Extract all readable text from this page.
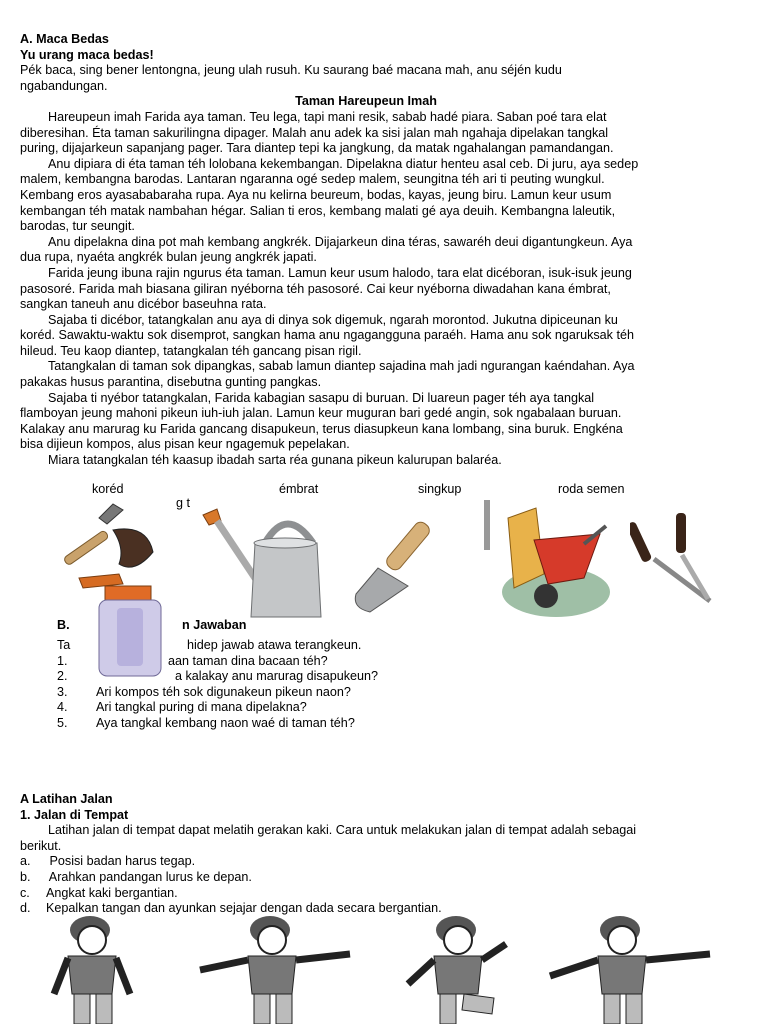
A. Maca Bedas

Yu urang maca bedas!

Pék baca, sing bener lentongna, jeung ulah rusuh. Ku saurang baé macana mah, anu séjén kudu

ngabandungan.

Taman Hareupeun Imah

Hareupeun imah Farida aya taman. Teu lega, tapi mani resik, sabab hadé piara. Saban poé tara elat

diberesihan. Éta taman sakurilingna dipager. Malah anu adek ka sisi jalan mah ngahaja dipelakan tangkal

puring, dijajarkeun sapanjang pager. Tara diantep tepi ka jangkung, da matak ngahalangan pamandangan.

Anu dipiara di éta taman téh lolobana kekembangan. Dipelakna diatur henteu asal ceb. Di juru, aya sedep

malem, kembangna barodas. Lantaran ngaranna ogé sedep malem, seungitna téh ari ti peuting wungkul.

Kembang eros ayasababaraha rupa. Aya nu kelirna beureum, bodas, kayas, jeung biru. Lamun keur usum

kembangan téh matak nambahan hégar. Salian ti eros, kembang malati gé aya deuih. Kembangna laleutik,

barodas, tur seungit.

Anu dipelakna dina pot mah kembang angkrék. Dijajarkeun dina téras, sawaréh deui digantungkeun. Aya

dua rupa, nyaéta angkrék bulan jeung angkrék japati.

Farida jeung ibuna rajin ngurus éta taman. Lamun keur usum halodo, tara elat dicéboran, isuk-isuk jeung

pasosoré. Farida mah biasana giliran nyéborna téh pasosoré. Cai keur nyéborna diwadahan kana émbrat,

sangkan taneuh anu dicébor baseuhna rata.

Sajaba ti dicébor, tatangkalan anu aya di dinya sok digemuk, ngarah morontod. Jukutna dipiceunan ku

koréd. Sawaktu-waktu sok disemprot, sangkan hama anu ngagangguna paraéh. Hama anu sok ngaruksak téh

hileud. Teu kaop diantep, tatangkalan téh gancang pisan rigil.

Tatangkalan di taman sok dipangkas, sabab lamun diantep sajadina mah jadi ngurangan kaéndahan. Aya

pakakas husus parantina, disebutna gunting pangkas.

Sajaba ti nyébor tatangkalan, Farida kabagian sasapu di buruan. Di luareun pager téh aya tangkal

flamboyan jeung mahoni pikeun iuh-iuh jalan. Lamun keur muguran bari gedé angin, sok ngabalaan buruan.

Kalakay anu marurag ku Farida gancang disapukeun, terus diasupkeun kana lombang, sina buruk. Engkéna

bisa dijieun kompos, alus pisan keur ngagemuk pepelakan.

Miara tatangkalan téh kaasup ibadah sarta réa gunana pikeun kalurupan balaréa.

koréd	émbrat	singkup	roda semen
g t
B.	n Jawaban
Ta	hidep jawab atawa terangkeun.
1.	aan taman dina bacaan téh?
2.	a kalakay anu marurag disapukeun?
3.	Ari kompos téh sok digunakeun pikeun naon?
4.	Ari tangkal puring di mana dipelakna?
5.	Aya tangkal kembang naon waé di taman téh?

A Latihan Jalan

1. Jalan di Tempat

Latihan jalan di tempat dapat melatih gerakan kaki. Cara untuk melakukan jalan di tempat adalah sebagai

berikut.

a. Posisi badan harus tegap.
b. Arahkan pandangan lurus ke depan.
c. Angkat kaki bergantian.
d. Kepalkan tangan dan ayunkan sejajar dengan dada secara bergantian.
